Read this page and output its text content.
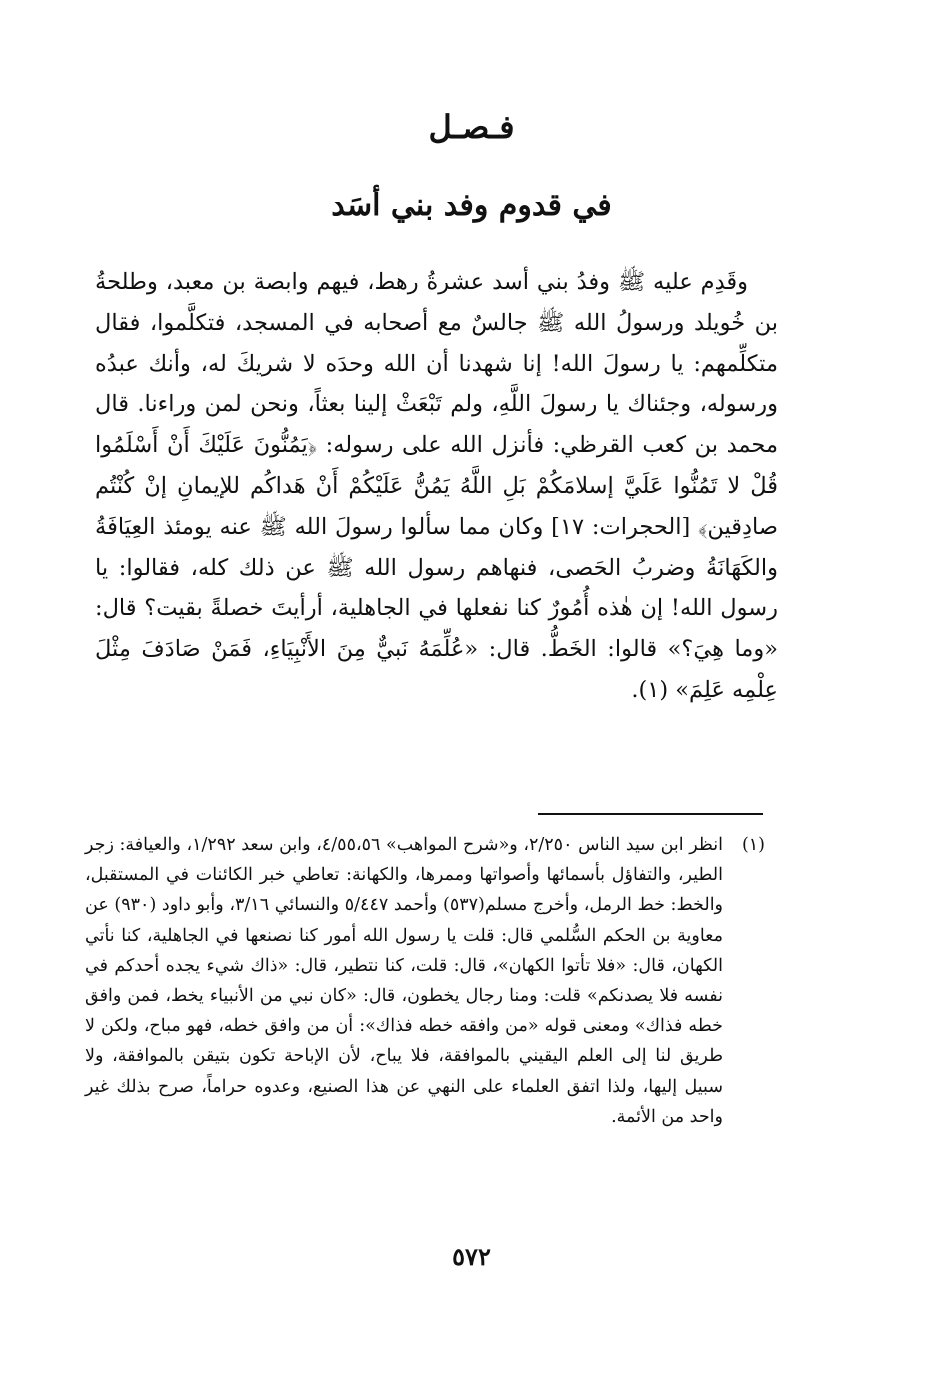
فـصـل
في قدوم وفد بني أسَد

وقَدِم عليه ﷺ وفدُ بني أسد عشرةُ رهط، فيهم وابصة بن معبد، وطلحةُ بن خُويلد ورسولُ الله ﷺ جالسٌ مع أصحابه في المسجد، فتكلَّموا، فقال متكلِّمهم: يا رسولَ الله! إنا شهدنا أن الله وحدَه لا شريكَ له، وأنك عبدُه ورسوله، وجئناك يا رسولَ اللَّهِ، ولم تَبْعَثْ إلينا بعثاً، ونحن لمن وراءنا. قال محمد بن كعب القرظي: فأنزل الله على رسوله: ﴿يَمُنُّونَ عَلَيْكَ أَنْ أَسْلَمُوا قُلْ لا تَمُنُّوا عَلَيَّ إسلامَكُمْ بَلِ اللَّهُ يَمُنُّ عَلَيْكُمْ أَنْ هَداكُم للإيمانِ إنْ كُنْتُم صادِقين﴾ [الحجرات: ١٧] وكان مما سألوا رسولَ الله ﷺ عنه يومئذ العِيَافَةُ والكَهَانَةُ وضربُ الحَصى، فنهاهم رسول الله ﷺ عن ذلك كله، فقالوا: يا رسول الله! إن هٰذه أُمُورٌ كنا نفعلها في الجاهلية، أرأيتَ خصلةً بقيت؟ قال: «وما هِيَ؟» قالوا: الخَطُّ. قال: «عُلِّمَهُ نَبيٌّ مِنَ الأَنْبِيَاءِ، فَمَنْ صَادَفَ مِثْلَ عِلْمِه عَلِمَ» (١).

(١)
انظر ابن سيد الناس ٢/٢٥٠، و«شرح المواهب» ٤/٥٥،٥٦، وابن سعد ١/٢٩٢، والعيافة: زجر الطير، والتفاؤل بأسمائها وأصواتها وممرها، والكهانة: تعاطي خبر الكائنات في المستقبل، والخط: خط الرمل، وأخرج مسلم(٥٣٧) وأحمد ٥/٤٤٧ والنسائي ٣/١٦، وأبو داود (٩٣٠) عن معاوية بن الحكم السُّلمي قال: قلت يا رسول الله أمور كنا نصنعها في الجاهلية، كنا نأتي الكهان، قال: «فلا تأتوا الكهان»، قال: قلت، كنا نتطير، قال: «ذاك شيء يجده أحدكم في نفسه فلا يصدنكم» قلت: ومنا رجال يخطون، قال: «كان نبي من الأنبياء يخط، فمن وافق خطه فذاك» ومعنى قوله «من وافقه خطه فذاك»: أن من وافق خطه، فهو مباح، ولكن لا طريق لنا إلى العلم اليقيني بالموافقة، فلا يباح، لأن الإباحة تكون بتيقن بالموافقة، ولا سبيل إليها، ولذا اتفق العلماء على النهي عن هذا الصنيع، وعدوه حراماً، صرح بذلك غير واحد من الأئمة.
٥٧٢
